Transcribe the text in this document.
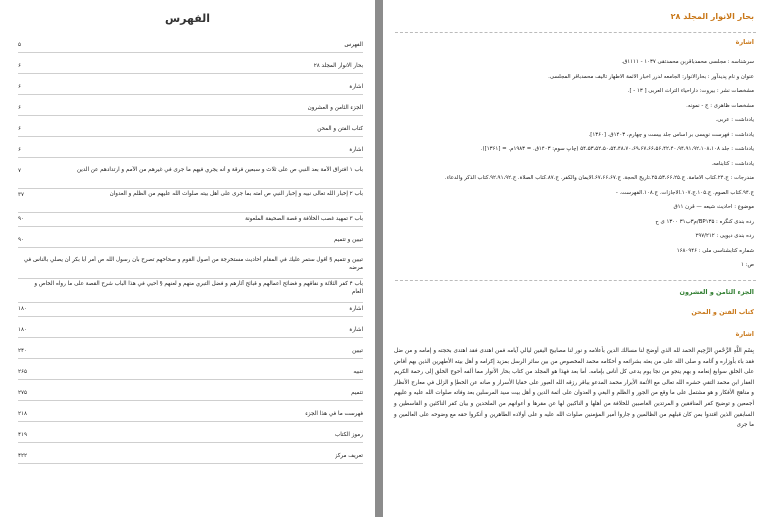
الفهرس
الفهرس
۵
بحار الانوار المجلد ۲۸
۶
اشارة
۶
الجزء الثامن و العشرون
۶
كتاب الفتن و المحن
۶
اشارة
۶
باب ۱ افتراق الأمة بعد النبي ص على ثلاث و سبعين فرقة و أنه يجري فيهم ما جرى في غيرهم من الأمم و ارتدادهم عن الدين
۷
باب ۲ إخبار الله تعالى نبيه و إخبار النبي ص أمته بما جرى على أهل بيته صلوات الله عليهم من الظلم و العدوان
۳۷
باب ۳ تمهيد غصب الخلافة و قصة الصحيفة الملعونة
۹۰
تبيين و تتميم
۹۰
تبيين و تتميم § أقول ستمر عليك في المقام أحاديث مستخرجة من أصول القوم و صحاحهم تصرح بأن رسول الله ص أمر أبا بكر أن يصلي بالناس في مرضه
باب ۴ كفر الثلاثة و نفاقهم و فضائح أعمالهم و قبائح آثارهم و فضل التبري منهم و لعنهم § أحيي في هذا الباب شرح القصة على ما رواه الخاص و العام
اشارة
۱۸۰
اشارة
۱۸۰
تبيين
۲۴۰
تنبيه
۲۶۵
تتميم
۲۷۵
فهرست ما في هذا الجزء
۲۱۸
رموز الكتاب
۴۱۹
تعريف مركز
۴۲۲
بحار الانوار المجلد ۲۸
اشارة
سرشناسه : مجلسی محمدباقربن محمدتقی ۱۰۳۷ - ۱۱۱۱ق.
عنوان و نام پدیدآور : بحارالانوار: الجامعه لدرر اخبار الائمة الاطهار تالیف محمدباقر المجلسی.
مشخصات نشر : بیروت: داراحیاء التراث العربی [ ۱۳ - ].
مشخصات ظاهری : ج - نمونه.
یادداشت : عربی.
یادداشت : فهرست نویسی بر اساس جلد بیست و چهارم، ۱۴۰۳ق. [۱۳۶۰].
یادداشت : جلد ۵۴،۵۳،۵۲،۵۰،۵۴،۴۸،۷۰،۶۹،۶۷،۶۶،۵۶،۴۲،۴۰،۹۴،۹۱،۹۲،۱۰۸،۱۰۸ (چاپ سوم: ۱۴۰۳ق. = ۱۹۸۳م. = [۱۳۶۱]).
یادداشت : کتابنامه.
مندرجات : ج.۲۴.کتاب الامامة. ج.۲۵،۵۳،۶۶،۲۵.تاریخ الحجة. ج.۶۷،۶۶،۶۷.الایمان والکفر. ج.۸۷.کتاب الصلاة. ج.۹۲،۹۱،۹۲.کتاب الذکر والدعاء.
ج.۹۴.کتاب الصوم. ج.۱۰۵.ج.۱۰۷.الاجازات. ج.۱۰۸.الفهرست. -
موضوع : احادیث شیعه — قرن ۱۱ق
رده بندی کنگره : BP۱۳۵/م۳ب۳۱ ۱۳۰۰ ی ح
رده بندی دیویی : ۲۹۷/۲۱۲
شماره کتابشناسی ملی : ۱۶۸۰۹۴۶
ص: ۱
الجزء الثامن و العشرون
كتاب الفتن و المحن
اشارة
بِسْمِ اللَّهِ الرَّحْمنِ الرَّحِيمِ الحمد لله الذي أوضح لنا مسالك الدين بأعلامه و نور لنا مصابيح اليقين ليالي آيامه فمن اهتدى فقد اهتدى بحجته و إمامه و من ضل فقد باء بأوزاره و آثامه و صلى الله على من بعثه بشرائعه و أحكامه محمد المخصوص من بين سائر الرسل بمزيد إكرامه و أهل بيته الأطهرين الذين بهم أفاض على الخلق سوابغ إنعامه و بهم ينجو من نجا يوم يدعى كل أناس بإمامه. أما بعد فهذا هو المجلد من كتاب بحار الأنوار مما ألفه أحوج الخلق إلى رحمة الكريم الغفار ابن محمد التقي حشره الله تعالى مع الأئمة الأبرار محمد المدعو بباقر رزقه الله العبور على خفايا الأسرار و صانه عن الخطإ و الزلل في معارج الأنظار و مناهج الأفكار و هو مشتمل على ما وقع من الجور و الظلم و البغي و العدوان على أئمة الدين و أهل بيت سيد المرسلين بعد وفاته صلوات الله عليه و عليهم أجمعين و توضيح كفر المنافقين و المرتدين الغاصبين للخلافة من أهلها و الناكبين لها عن مقرها و أعوانهم من الملحدين و بيان كفر الناكثين و القاسطين و السابقين الذين اقتدوا بمن كان قبلهم من الظالمين و جاروا أمير المؤمنين صلوات الله عليه و على أولاده الطاهرين و أنكروا حقه مع وضوحه على العالمين و ما جرى
